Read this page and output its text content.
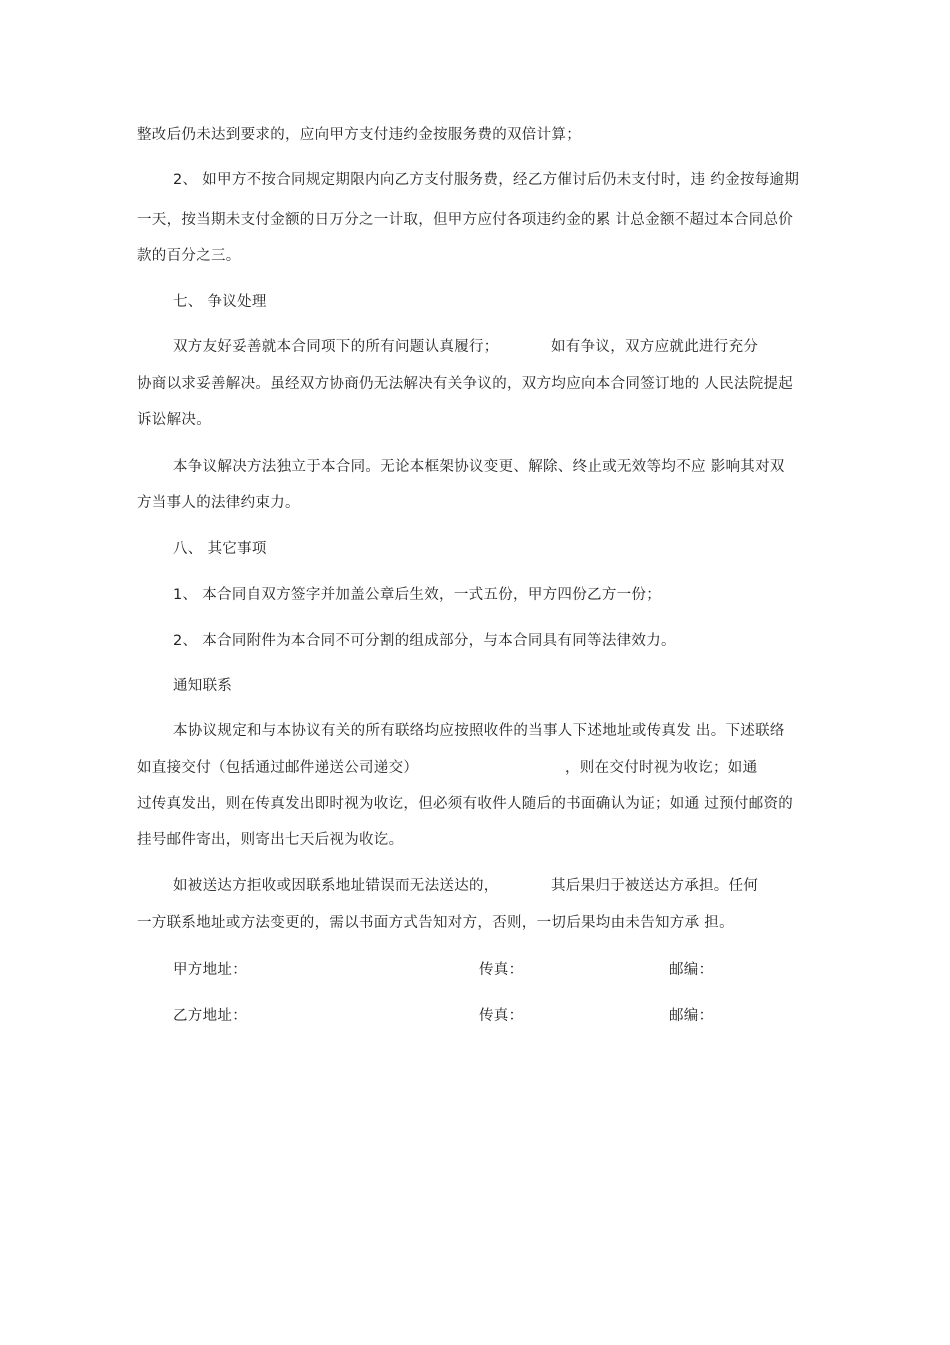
整改后仍未达到要求的，应向甲方支付违约金按服务费的双倍计算；
2、 如甲方不按合同规定期限内向乙方支付服务费，经乙方催讨后仍未支付时，违 约金按每逾期
一天，按当期未支付金额的日万分之一计取，但甲方应付各项违约金的累 计总金额不超过本合同总价
款的百分之三。
七、 争议处理
双方友好妥善就本合同项下的所有问题认真履行；	如有争议，双方应就此进行充分
协商以求妥善解决。虽经双方协商仍无法解决有关争议的，双方均应向本合同签订地的 人民法院提起
诉讼解决。
本争议解决方法独立于本合同。无论本框架协议变更、解除、终止或无效等均不应 影响其对双
方当事人的法律约束力。
八、 其它事项
1、 本合同自双方签字并加盖公章后生效，一式五份，甲方四份乙方一份；
2、 本合同附件为本合同不可分割的组成部分，与本合同具有同等法律效力。
通知联系
本协议规定和与本协议有关的所有联络均应按照收件的当事人下述地址或传真发 出。下述联络
如直接交付（包括通过邮件递送公司递交）	，则在交付时视为收讫；如通
过传真发出，则在传真发出即时视为收讫，但必须有收件人随后的书面确认为证；如通 过预付邮资的
挂号邮件寄出，则寄出七天后视为收讫。
如被送达方拒收或因联系地址错误而无法送达的，	其后果归于被送达方承担。任何
一方联系地址或方法变更的，需以书面方式告知对方，否则，一切后果均由未告知方承 担。
甲方地址：	传真：	邮编：
乙方地址：	传真：	邮编：
